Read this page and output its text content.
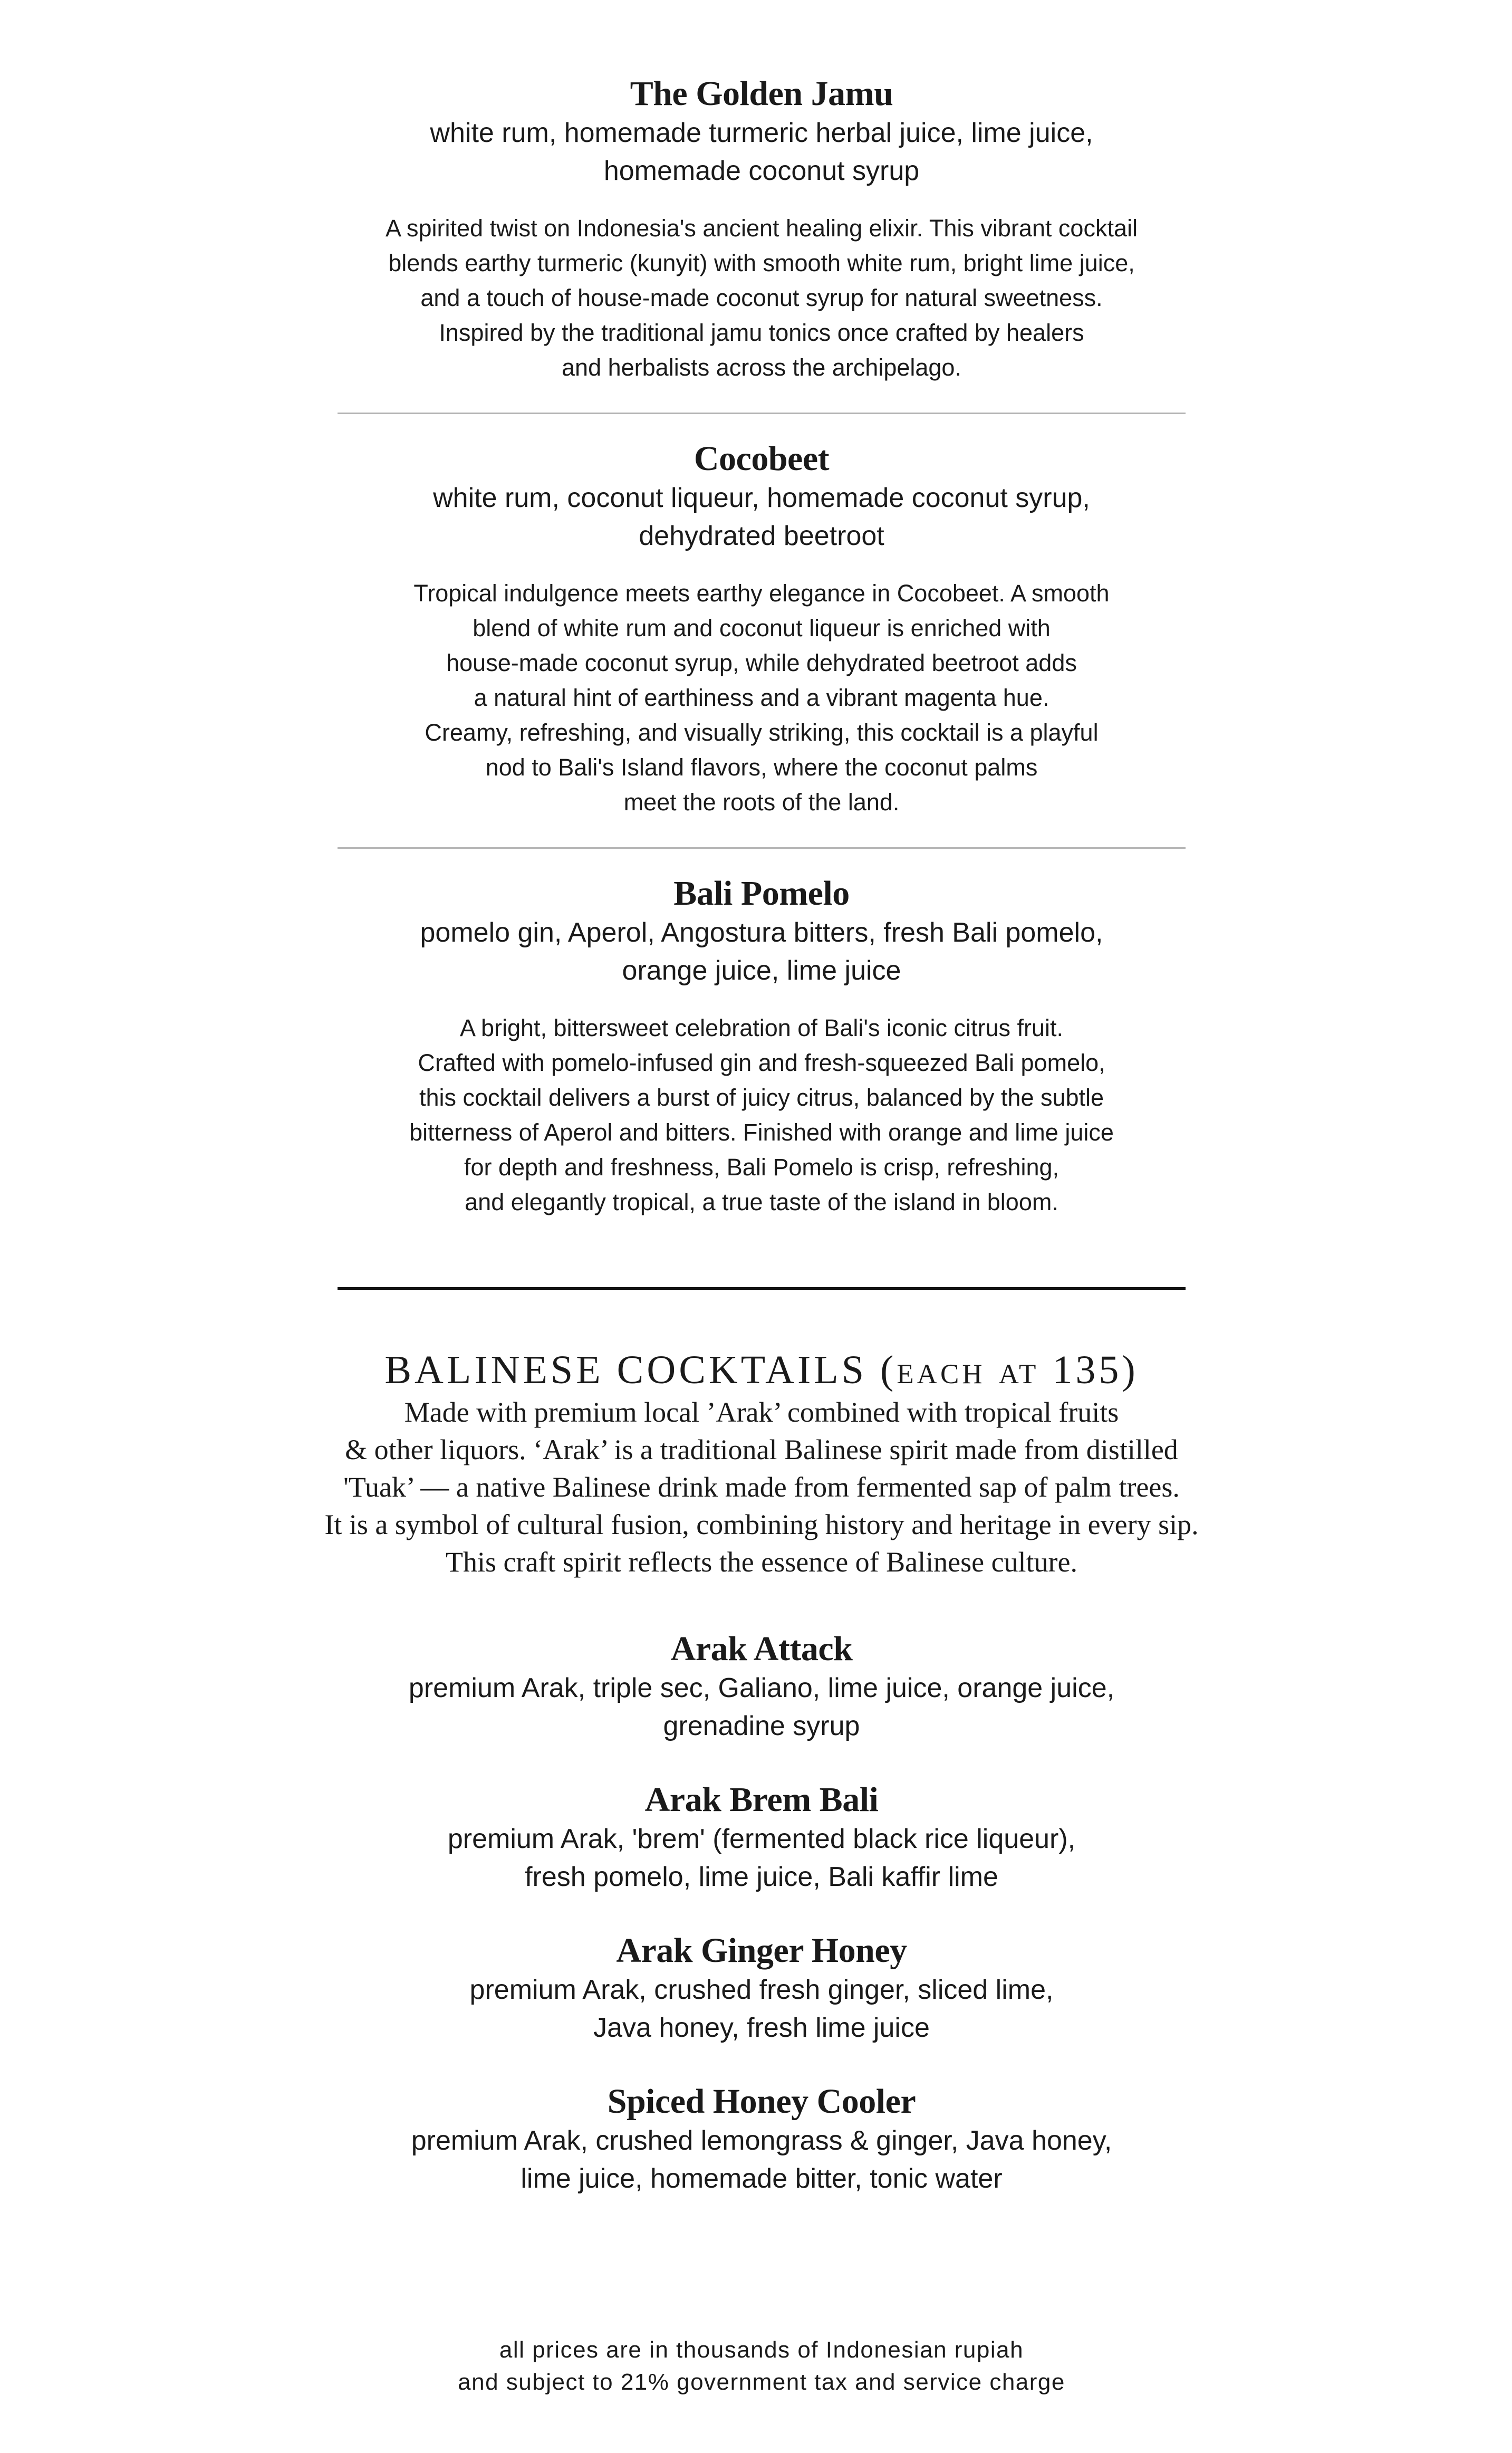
The Golden Jamu

white rum, homemade turmeric herbal juice, lime juice,
homemade coconut syrup

A spirited twist on Indonesia's ancient healing elixir. This vibrant cocktail
blends earthy turmeric (kunyit) with smooth white rum, bright lime juice,
and a touch of house-made coconut syrup for natural sweetness.
Inspired by the traditional jamu tonics once crafted by healers
and herbalists across the archipelago.

Cocobeet

white rum, coconut liqueur, homemade coconut syrup,
dehydrated beetroot

Tropical indulgence meets earthy elegance in Cocobeet. A smooth
blend of white rum and coconut liqueur is enriched with
house-made coconut syrup, while dehydrated beetroot adds
a natural hint of earthiness and a vibrant magenta hue.
Creamy, refreshing, and visually striking, this cocktail is a playful
nod to Bali's Island flavors, where the coconut palms
meet the roots of the land.

Bali Pomelo

pomelo gin, Aperol, Angostura bitters, fresh Bali pomelo,
orange juice, lime juice

A bright, bittersweet celebration of Bali's iconic citrus fruit.
Crafted with pomelo-infused gin and fresh-squeezed Bali pomelo,
this cocktail delivers a burst of juicy citrus, balanced by the subtle
bitterness of Aperol and bitters. Finished with orange and lime juice
for depth and freshness, Bali Pomelo is crisp, refreshing,
and elegantly tropical, a true taste of the island in bloom.

BALINESE COCKTAILS (each at 135)

Made with premium local ’Arak’ combined with tropical fruits
& other liquors. ‘Arak’ is a traditional Balinese spirit made from distilled
'Tuak’ — a native Balinese drink made from fermented sap of palm trees.
It is a symbol of cultural fusion, combining history and heritage in every sip.
This craft spirit reflects the essence of Balinese culture.

Arak Attack

premium Arak, triple sec, Galiano, lime juice, orange juice,
grenadine syrup

Arak Brem Bali

premium Arak, 'brem' (fermented black rice liqueur),
fresh pomelo, lime juice, Bali kaffir lime

Arak Ginger Honey

premium Arak, crushed fresh ginger, sliced lime,
Java honey, fresh lime juice

Spiced Honey Cooler

premium Arak, crushed lemongrass & ginger, Java honey,
lime juice, homemade bitter, tonic water

all prices are in thousands of Indonesian rupiah
and subject to 21% government tax and service charge
